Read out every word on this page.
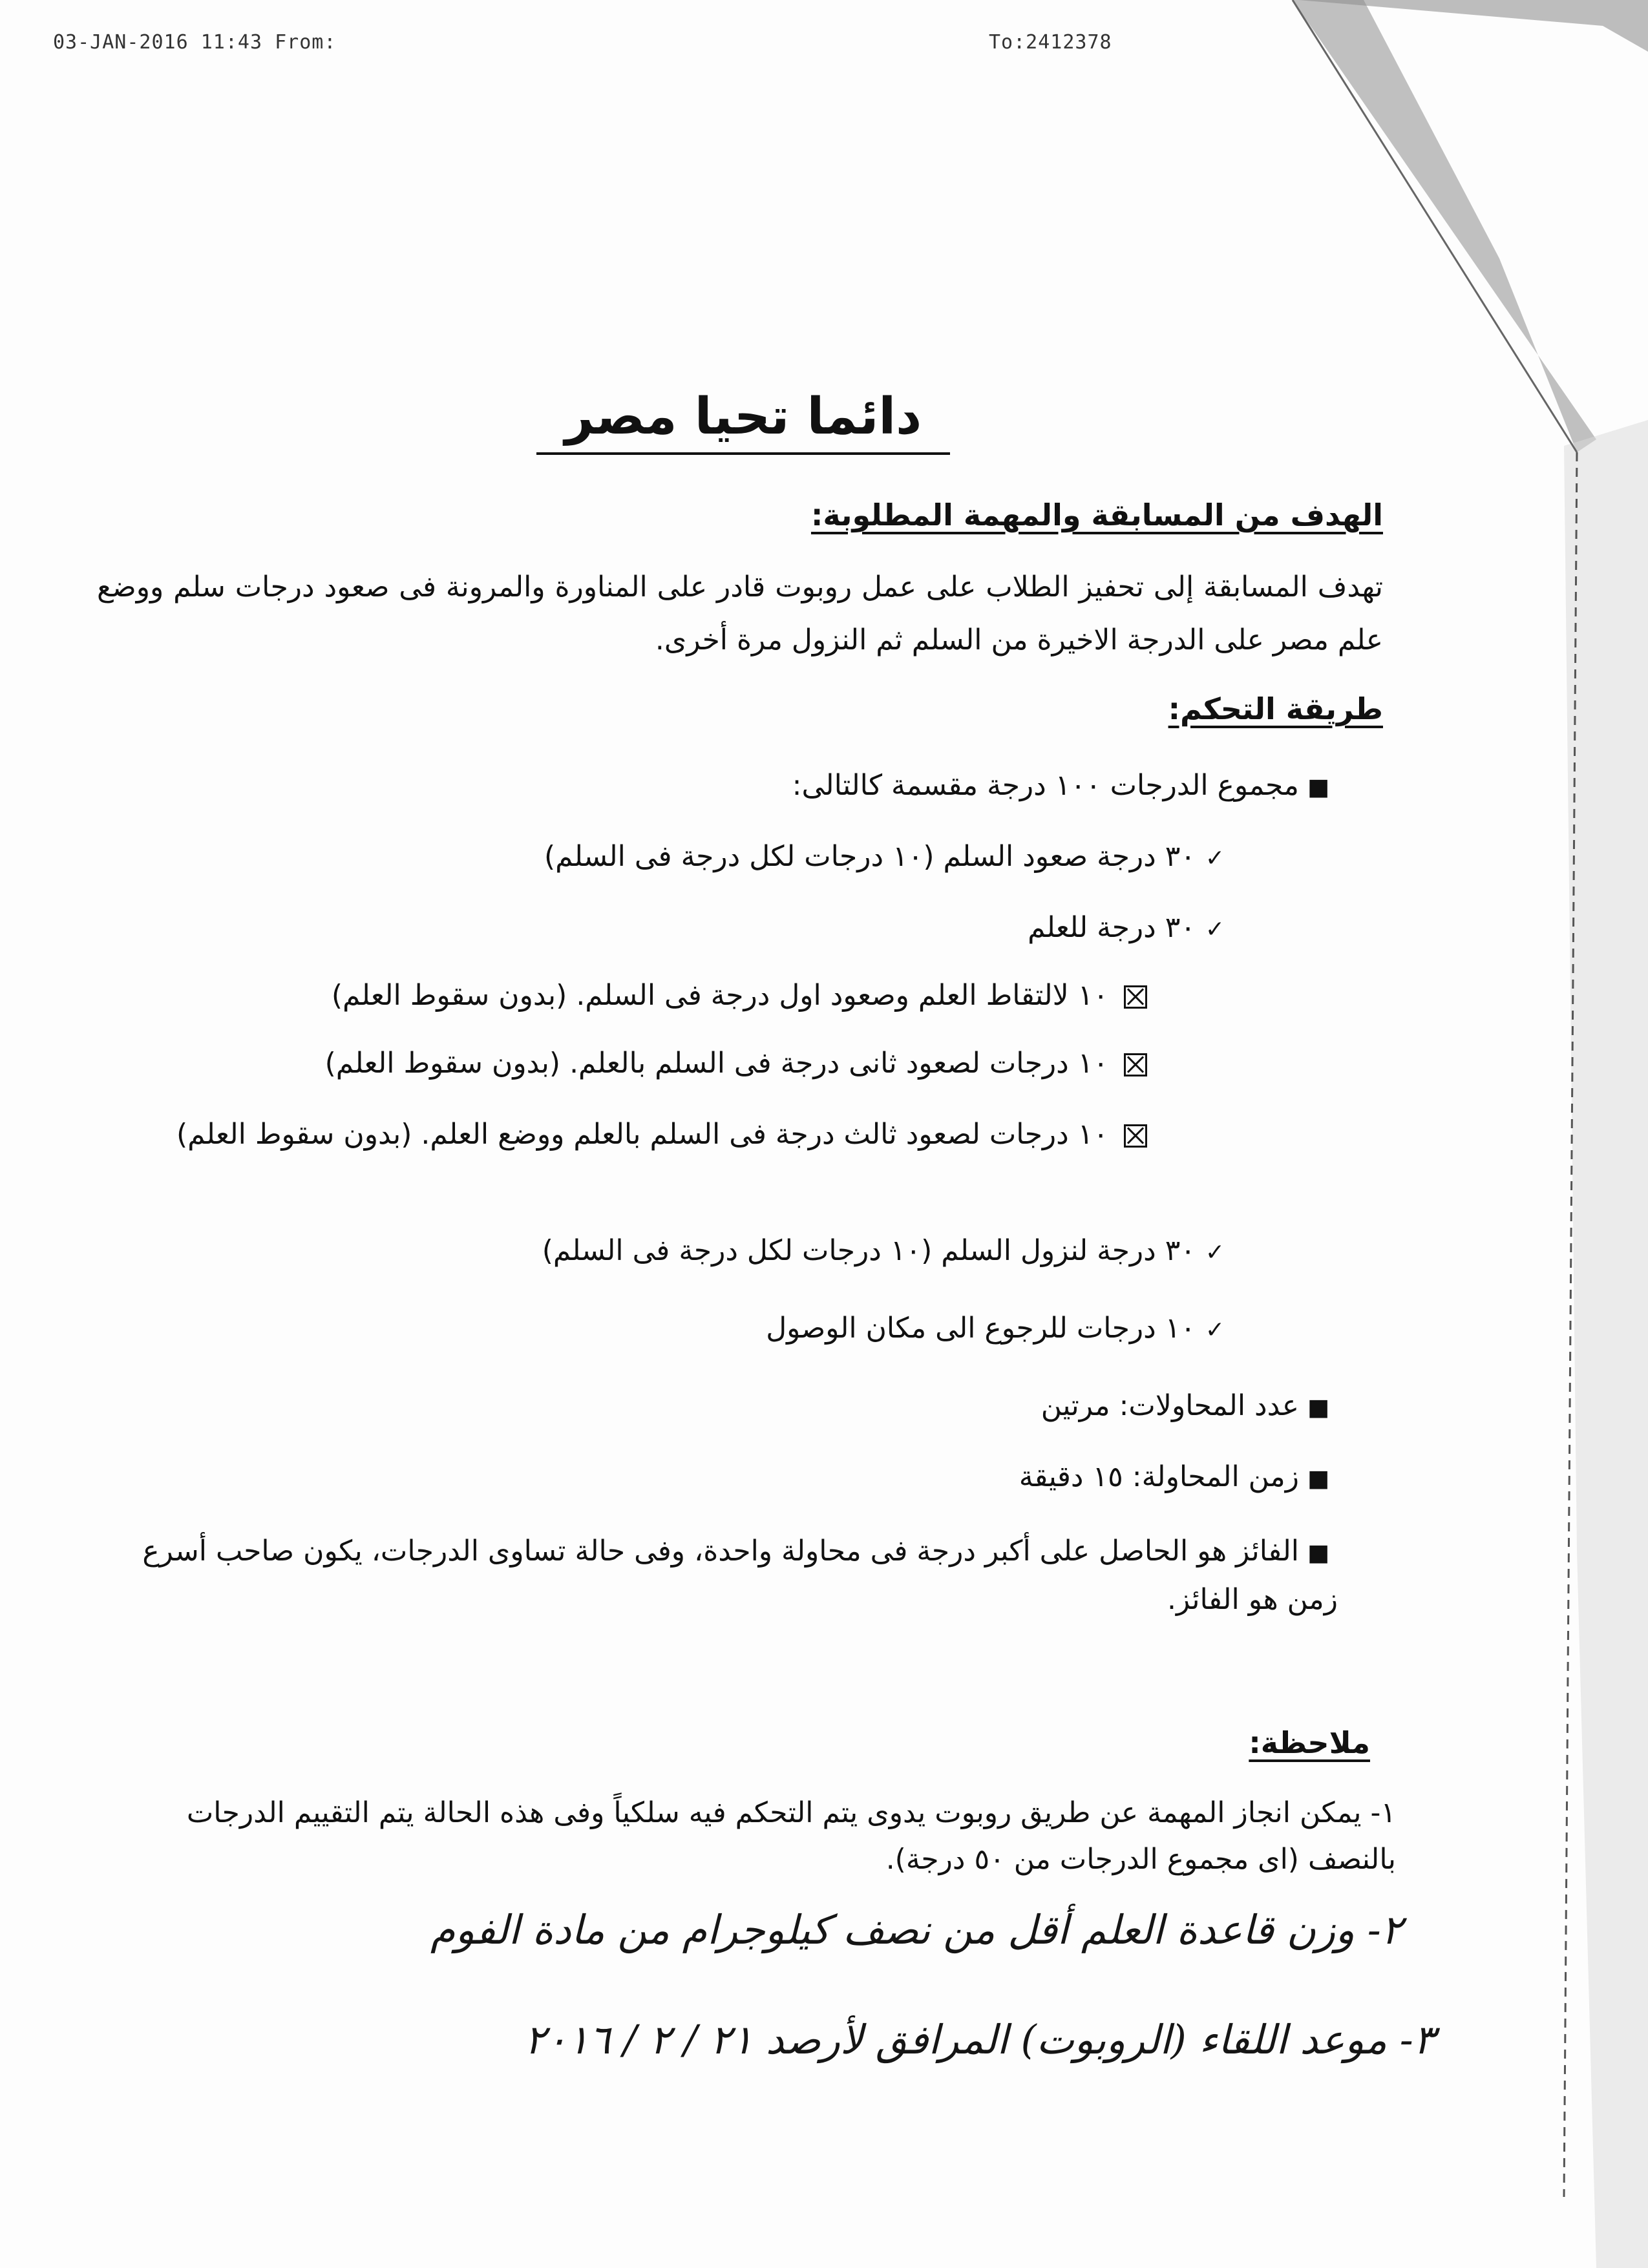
03-JAN-2016 11:43 From:	To:2412378
دائما تحيا مصر
الهدف من المسابقة والمهمة المطلوبة:
تهدف المسابقة إلى تحفيز الطلاب على عمل روبوت قادر على المناورة والمرونة فى صعود درجات سلم ووضع علم مصر على الدرجة الاخيرة من السلم ثم النزول مرة أخرى.
طريقة التحكم:
■مجموع الدرجات ١٠٠ درجة مقسمة كالتالى:
✓٣٠ درجة صعود السلم (١٠ درجات لكل درجة فى السلم)
✓٣٠ درجة للعلم
١٠ لالتقاط العلم وصعود اول درجة فى السلم. (بدون سقوط العلم)
١٠ درجات لصعود ثانى درجة فى السلم بالعلم. (بدون سقوط العلم)
١٠ درجات لصعود ثالث درجة فى السلم بالعلم ووضع العلم. (بدون سقوط العلم)
✓٣٠ درجة لنزول السلم (١٠ درجات لكل درجة فى السلم)
✓١٠ درجات للرجوع الى مكان الوصول
■عدد المحاولات: مرتين
■زمن المحاولة: ١٥ دقيقة
■الفائز هو الحاصل على أكبر درجة فى محاولة واحدة، وفى حالة تساوى الدرجات، يكون صاحب أسرع زمن هو الفائز.
ملاحظة:
١- يمكن انجاز المهمة عن طريق روبوت يدوى يتم التحكم فيه سلكياً وفى هذه الحالة يتم التقييم الدرجات بالنصف (اى مجموع الدرجات من ٥٠ درجة).
٢- وزن قاعدة العلم أقل من نصف كيلوجرام من مادة الفوم
٣- موعد اللقاء (الروبوت) المرافق لأرصد ٢١ / ٢ / ٢٠١٦
